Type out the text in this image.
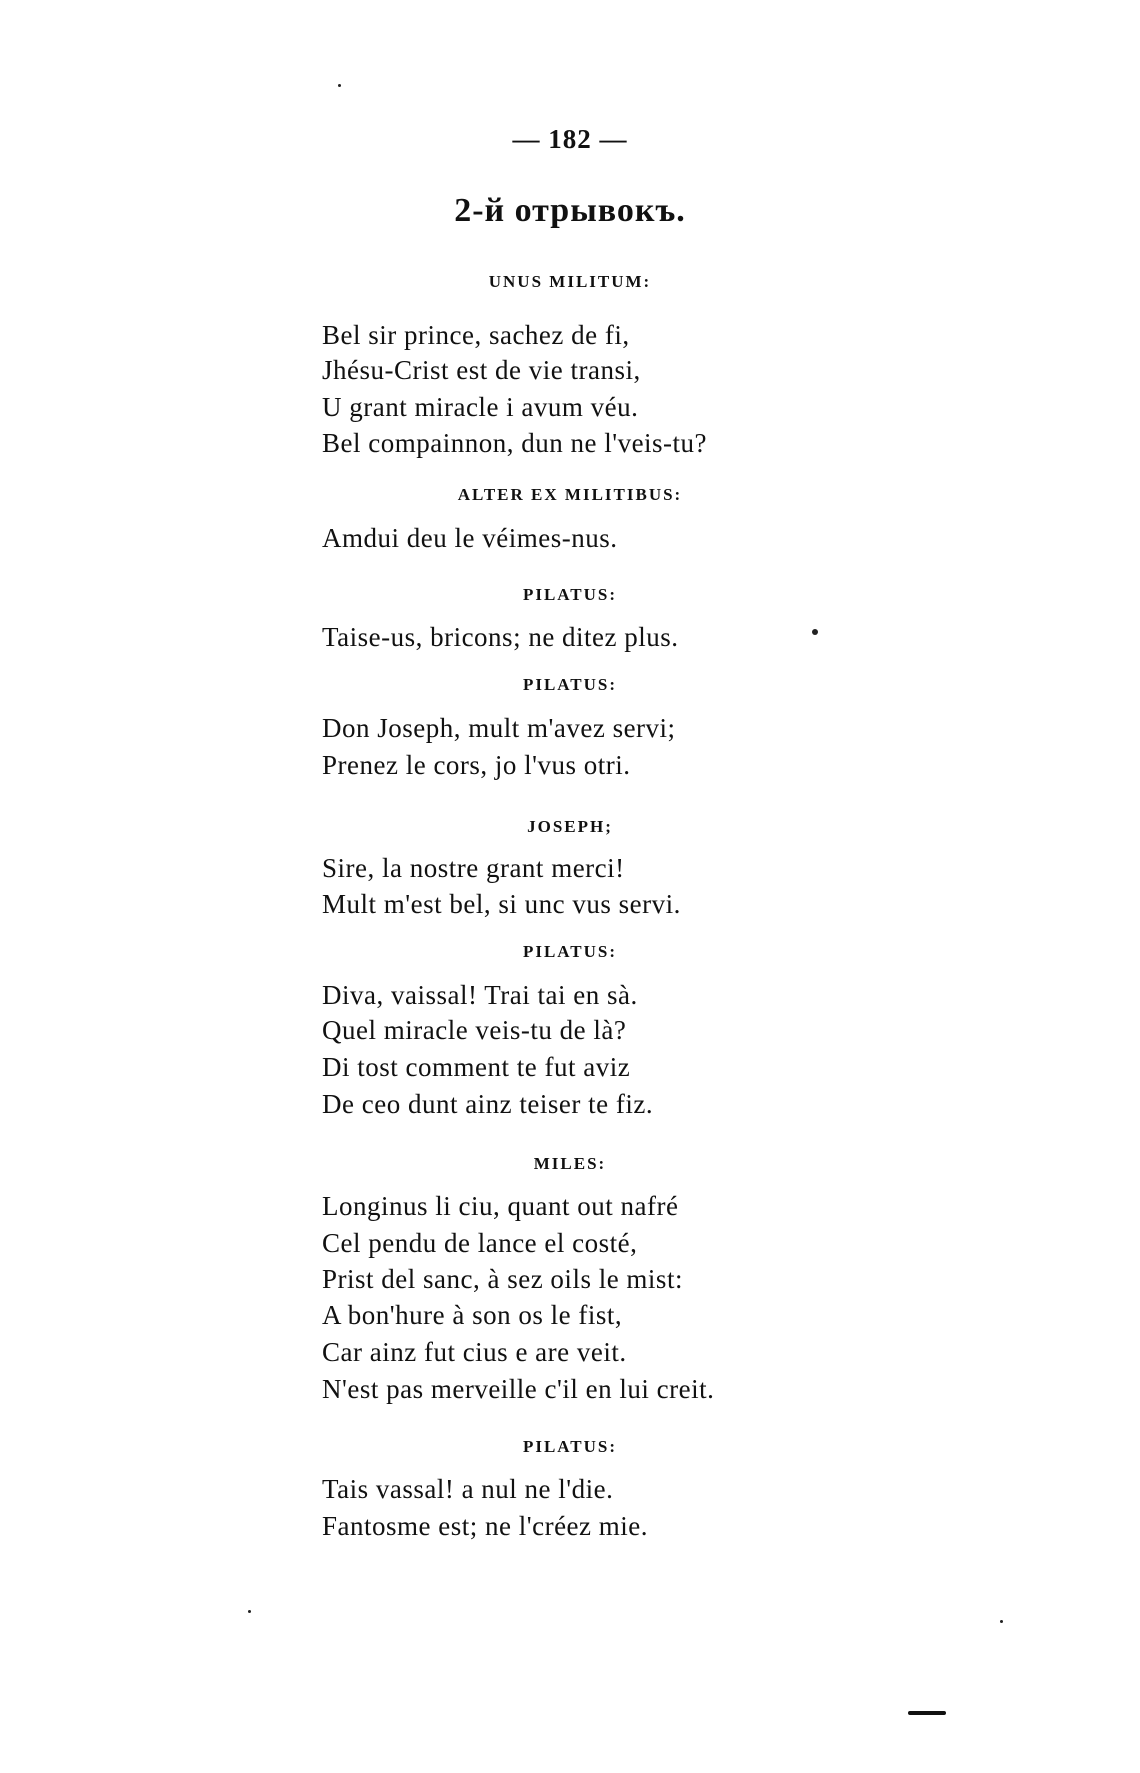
— 182 —
2-й отрывокъ.
UNUS MILITUM:
Bel sir prince, sachez de fi,
Jhésu-Crist est de vie transi,
U grant miracle i avum véu.
Bel compainnon, dun ne l'veis-tu?
ALTER EX MILITIBUS:
Amdui deu le véimes-nus.
PILATUS:
Taise-us, bricons; ne ditez plus.
PILATUS:
Don Joseph, mult m'avez servi;
Prenez le cors, jo l'vus otri.
JOSEPH;
Sire, la nostre grant merci!
Mult m'est bel, si unc vus servi.
PILATUS:
Diva, vaissal! Trai tai en sà.
Quel miracle veis-tu de là?
Di tost comment te fut aviz
De ceo dunt ainz teiser te fiz.
MILES:
Longinus li ciu, quant out nafré
Cel pendu de lance el costé,
Prist del sanc, à sez oils le mist:
A bon'hure à son os le fist,
Car ainz fut cius e are veit.
N'est pas merveille c'il en lui creit.
PILATUS:
Tais vassal! a nul ne l'die.
Fantosme est; ne l'créez mie.
